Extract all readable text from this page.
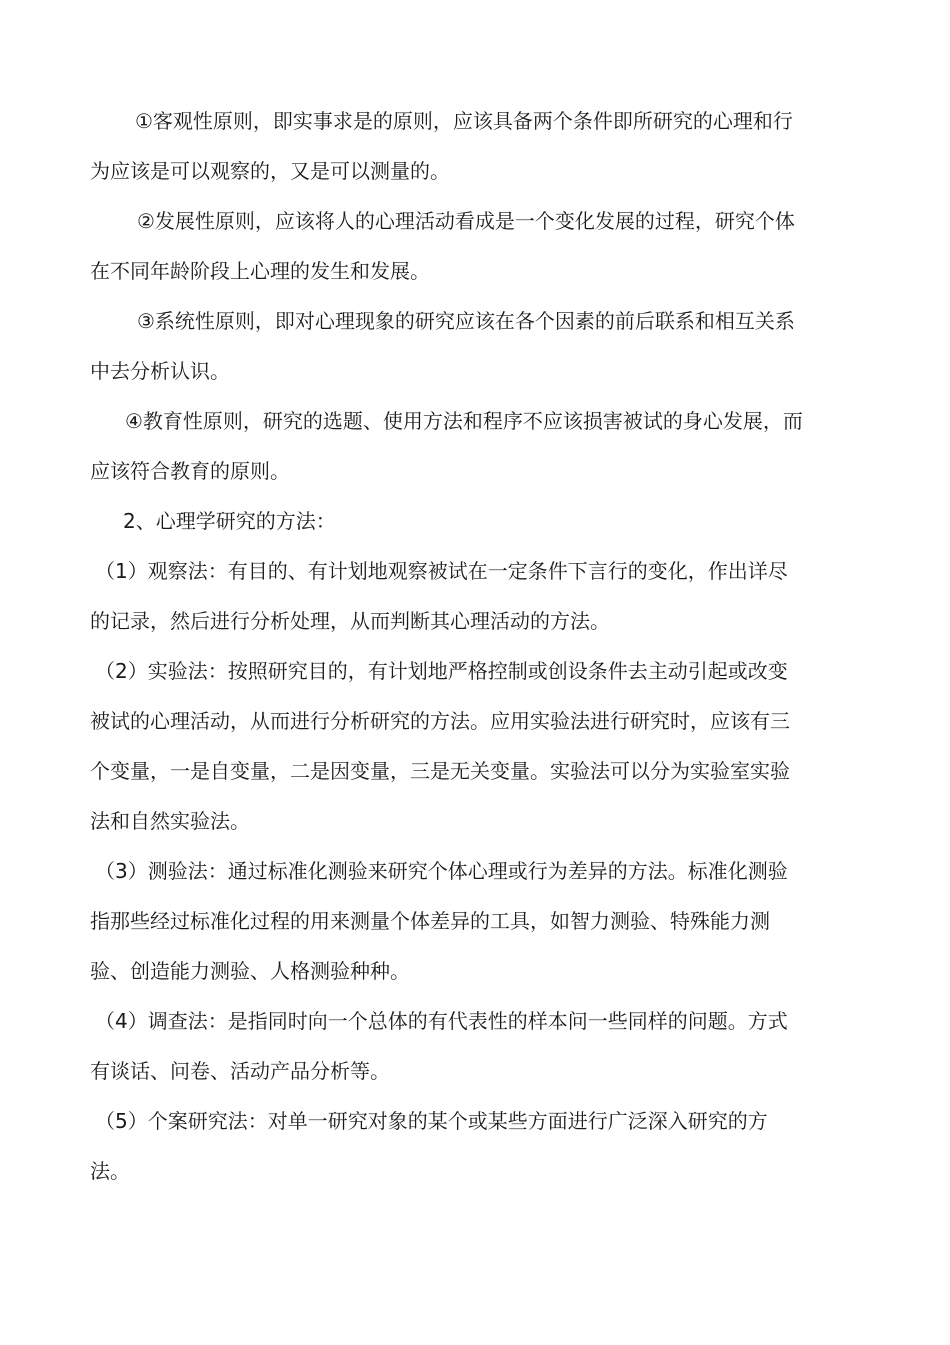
①客观性原则，即实事求是的原则，应该具备两个条件即所研究的心理和行为应该是可以观察的，又是可以测量的。

②发展性原则，应该将人的心理活动看成是一个变化发展的过程，研究个体在不同年龄阶段上心理的发生和发展。

③系统性原则，即对心理现象的研究应该在各个因素的前后联系和相互关系中去分析认识。

④教育性原则，研究的选题、使用方法和程序不应该损害被试的身心发展，而应该符合教育的原则。

2、心理学研究的方法：

（1）观察法：有目的、有计划地观察被试在一定条件下言行的变化，作出详尽的记录，然后进行分析处理，从而判断其心理活动的方法。

（2）实验法：按照研究目的，有计划地严格控制或创设条件去主动引起或改变被试的心理活动，从而进行分析研究的方法。应用实验法进行研究时，应该有三个变量，一是自变量，二是因变量，三是无关变量。实验法可以分为实验室实验法和自然实验法。

（3）测验法：通过标准化测验来研究个体心理或行为差异的方法。标准化测验指那些经过标准化过程的用来测量个体差异的工具，如智力测验、特殊能力测验、创造能力测验、人格测验种种。

（4）调查法：是指同时向一个总体的有代表性的样本问一些同样的问题。方式有谈话、问卷、活动产品分析等。

（5）个案研究法：对单一研究对象的某个或某些方面进行广泛深入研究的方法。
